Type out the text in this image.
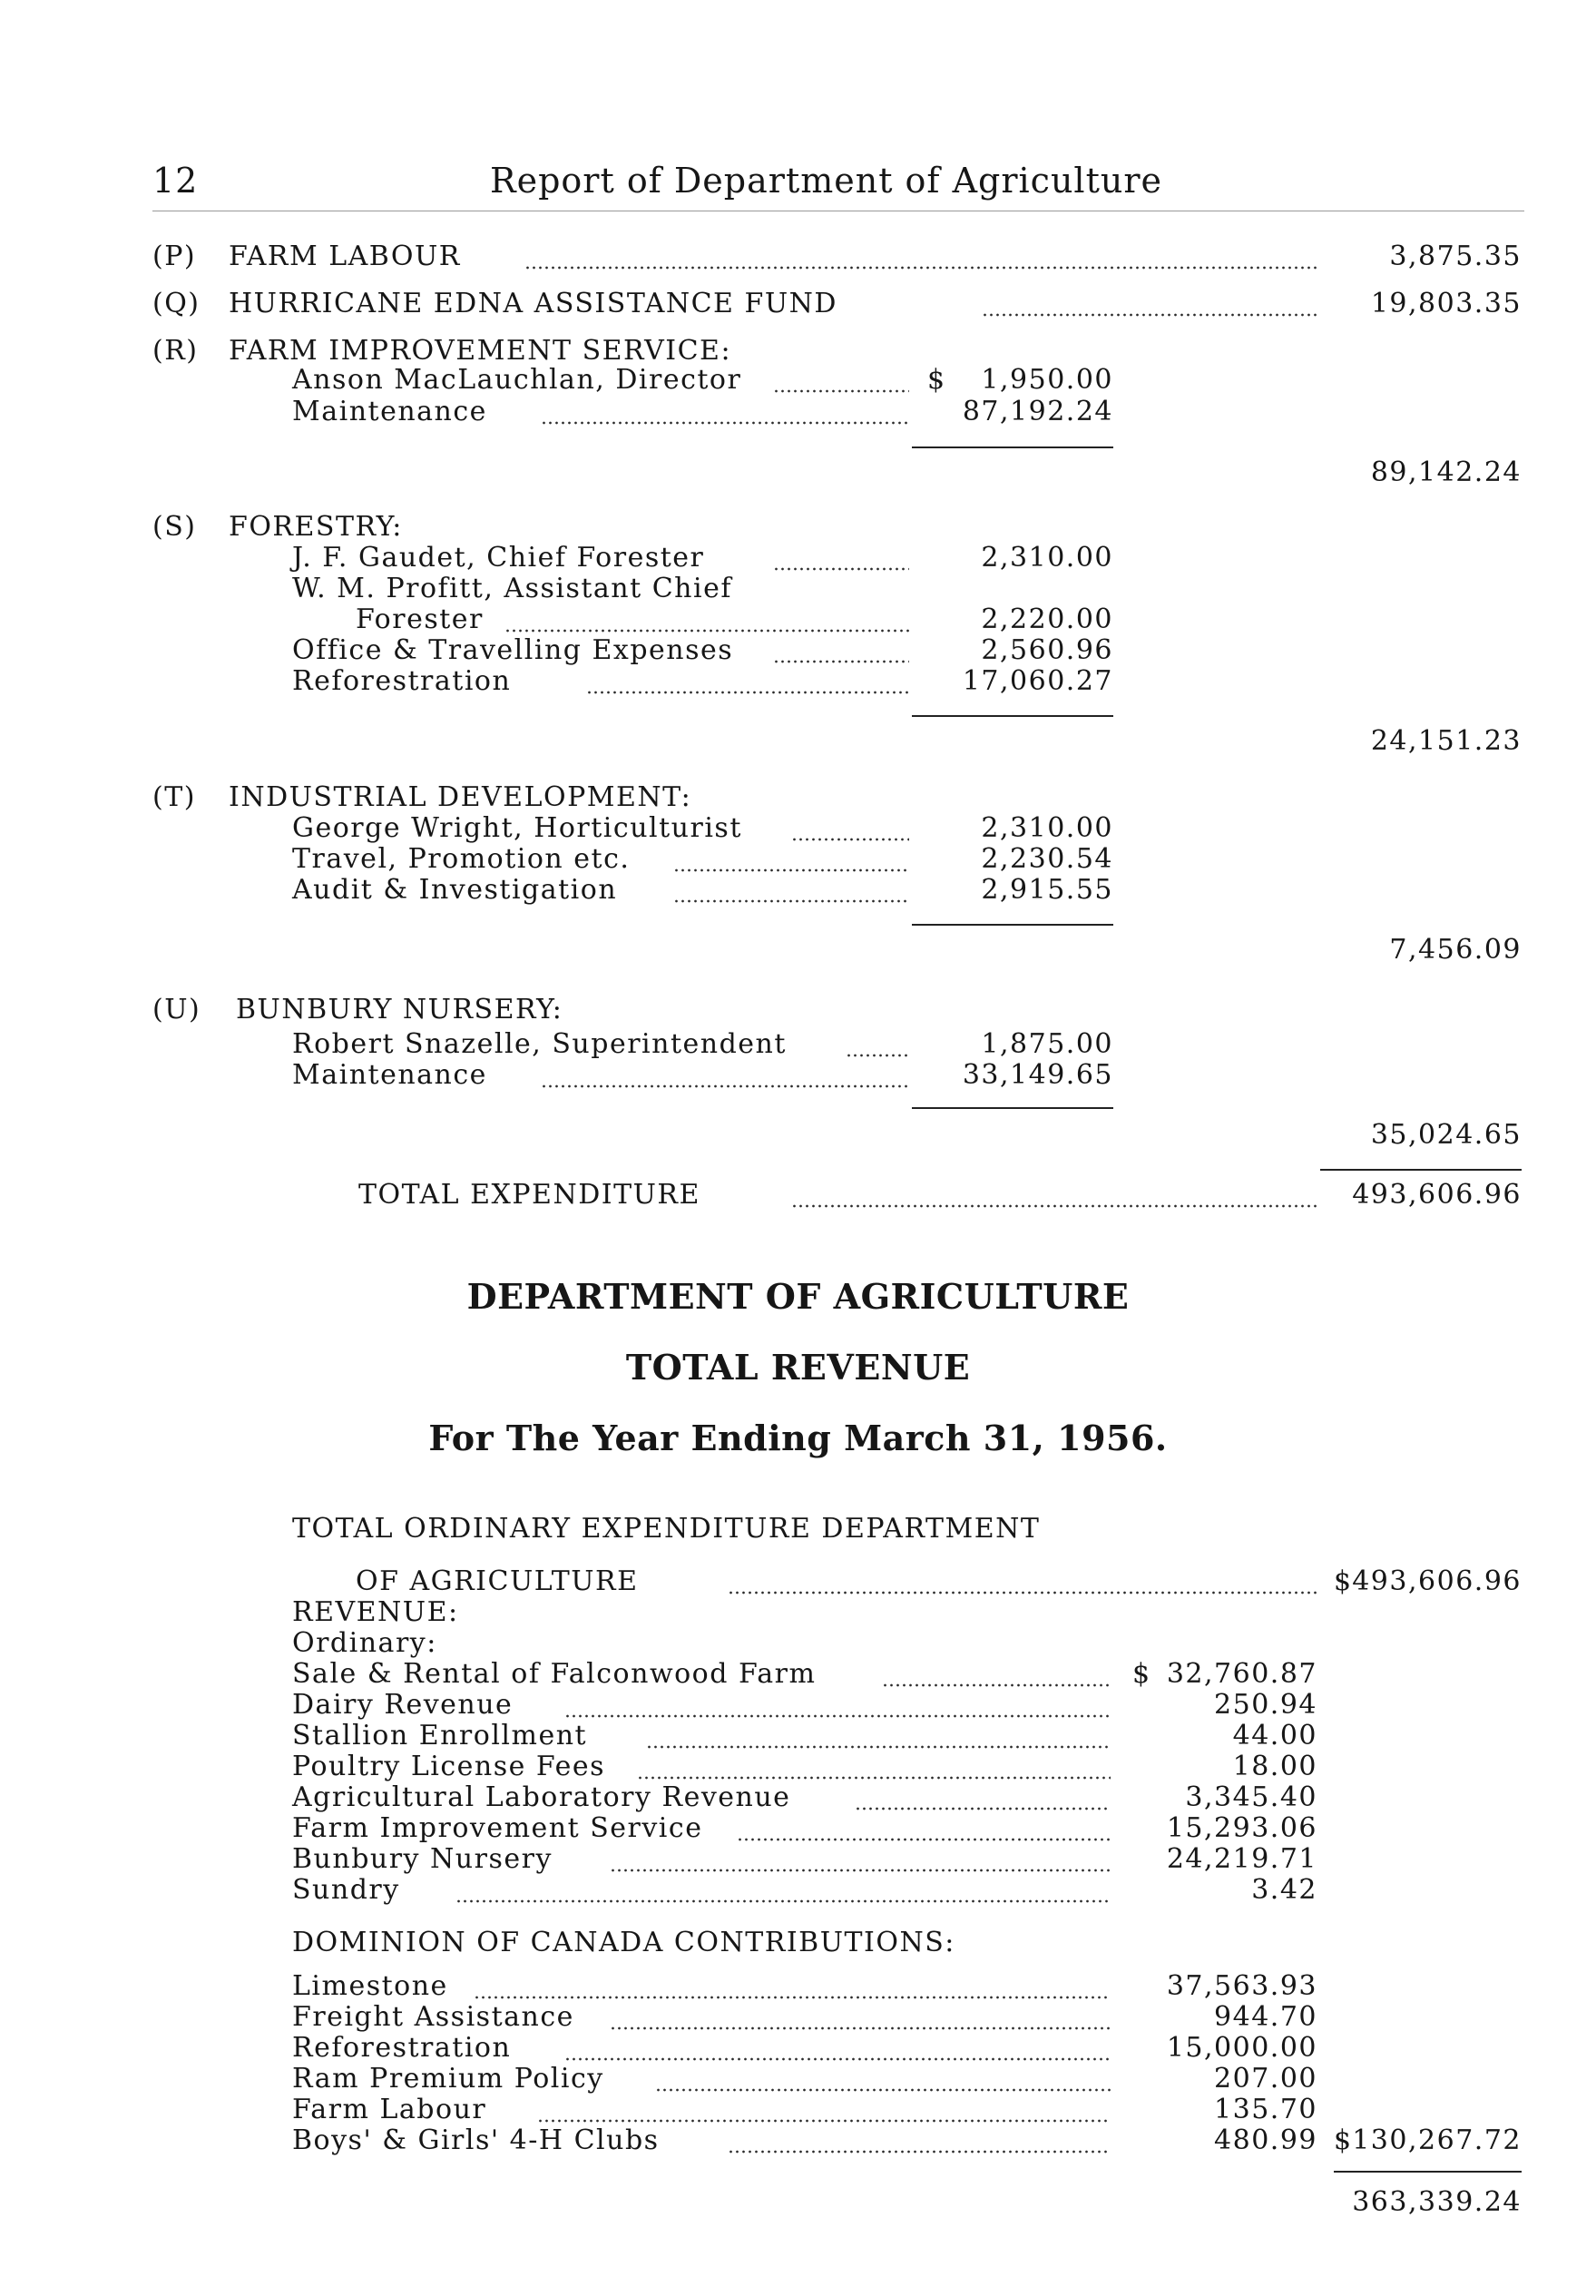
12	Report of Department of Agriculture
(P) FARM LABOUR	3,875.35
(Q) HURRICANE EDNA ASSISTANCE FUND	19,803.35
(R) FARM IMPROVEMENT SERVICE:
Anson MacLauchlan, Director	$	1,950.00
Maintenance	87,192.24
89,142.24
(S) FORESTRY:
J. F. Gaudet, Chief Forester	2,310.00
W. M. Profitt, Assistant Chief
Forester	2,220.00
Office & Travelling Expenses	2,560.96
Reforestration	17,060.27
24,151.23
(T) INDUSTRIAL DEVELOPMENT:
George Wright, Horticulturist	2,310.00
Travel, Promotion etc.	2,230.54
Audit & Investigation	2,915.55
7,456.09
(U) BUNBURY NURSERY:
Robert Snazelle, Superintendent	1,875.00
Maintenance	33,149.65
35,024.65
TOTAL EXPENDITURE	493,606.96
DEPARTMENT OF AGRICULTURE
TOTAL REVENUE
For The Year Ending March 31, 1956.
TOTAL ORDINARY EXPENDITURE DEPARTMENT
OF AGRICULTURE	$ 493,606.96
REVENUE:
Ordinary:
Sale & Rental of Falconwood Farm	$ 32,760.87
Dairy Revenue	250.94
Stallion Enrollment	44.00
Poultry License Fees	18.00
Agricultural Laboratory Revenue	3,345.40
Farm Improvement Service	15,293.06
Bunbury Nursery	24,219.71
Sundry	3.42
DOMINION OF CANADA CONTRIBUTIONS:
Limestone	37,563.93
Freight Assistance	944.70
Reforestration	15,000.00
Ram Premium Policy	207.00
Farm Labour	135.70
Boys' & Girls' 4-H Clubs	480.99 $ 130,267.72
363,339.24
